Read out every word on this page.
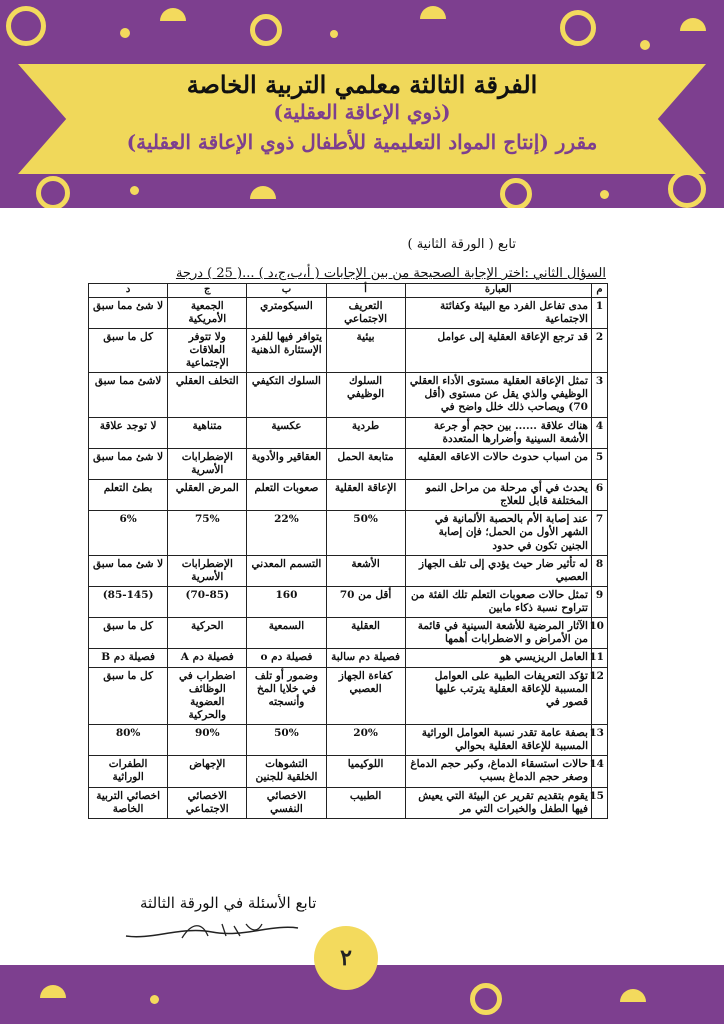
الفرقة الثالثة معلمي التربية الخاصة
(ذوي الإعاقة العقلية)
مقرر (إنتاج المواد التعليمية للأطفال ذوي الإعاقة العقلية)
تابع ( الورقة الثانية )
السؤال الثاني :اختر الإجابة الصحيحة من بين الإجابات ( أ،ب،ج،د ) ...( 25 ) درجة
م	العبارة	أ	ب	ج	د
1	مدى تفاعل الفرد مع البيئة وكفائتة الاجتماعية	التعريف الاجتماعي	السيكومتري	الجمعية الأمريكية	لا شئ مما سبق
2	قد ترجع الإعاقة العقلية إلى عوامل	بيئية	يتوافر فيها للفرد الإستثارة الذهنية	ولا تتوفر العلاقات الإجتماعية	كل ما سبق
3	تمثل الإعاقة العقلية مستوى الأداء العقلي الوظيفي والذي يقل عن مستوى (أقل 70) ويصاحب ذلك خلل واضح في	السلوك الوظيفي	السلوك التكيفي	التخلف العقلي	لاشئ مما سبق
4	هناك علاقة ...... بين حجم أو جرعة الأشعة السينية وأضرارها المتعددة	طردية	عكسية	متناهية	لا توجد علاقة
5	من اسباب حدوث حالات الاعاقه العقليه	متابعة الحمل	العقاقير والأدوية	الإضطرابات الأسرية	لا شئ مما سبق
6	يحدث في أي مرحلة من مراحل النمو المختلفة قابل للعلاج	الإعاقة العقلية	صعوبات التعلم	المرض العقلي	بطئ التعلم
7	عند إصابة الأم بالحصبة الألمانية في الشهر الأول من الحمل؛ فإن إصابة الجنين تكون في حدود	50%	22%	75%	6%
8	له تأثير ضار حيث يؤدي إلى تلف الجهاز العصبي	الأشعة	التسمم المعدني	الإضطرابات الأسرية	لا شئ مما سبق
9	تمثل حالات صعوبات التعلم تلك الفئة من تتراوح نسبة ذكاء مابين	أقل من 70	160	(70-85)	(85-145)
10	الآثار المرضية للأشعة السينية في قائمة من الأمراض و الاضطرابات أهمها	العقلية	السمعية	الحركية	كل ما سبق
11	العامل الريزيسي هو	فصيلة دم سالبة	فصيلة دم o	فصيلة دم A	فصيلة دم B
12	تؤكد التعريفات الطبية على العوامل المسببة للإعاقة العقلية يترتب عليها قصور في	كفاءة الجهاز العصبي	وضمور أو تلف في خلايا المخ وأنسجته	اضطراب في الوظائف العضوية والحركية	كل ما سبق
13	بصفة عامة تقدر نسبة العوامل الوراثية المسببة للإعاقة العقلية بحوالي	20%	50%	90%	80%
14	حالات استسقاء الدماغ، وكبر حجم الدماغ وصغر حجم الدماغ بسبب	اللوكيميا	التشوهات الخلقية للجنين	الإجهاض	الطفرات الوراثية
15	يقوم بتقديم تقرير عن البيئة التي يعيش فيها الطفل والخبرات التي مر	الطبيب	الاخصائي النفسي	الاخصائي الاجتماعي	اخصائي التربية الخاصة
تابع الأسئلة في الورقة الثالثة
٢
